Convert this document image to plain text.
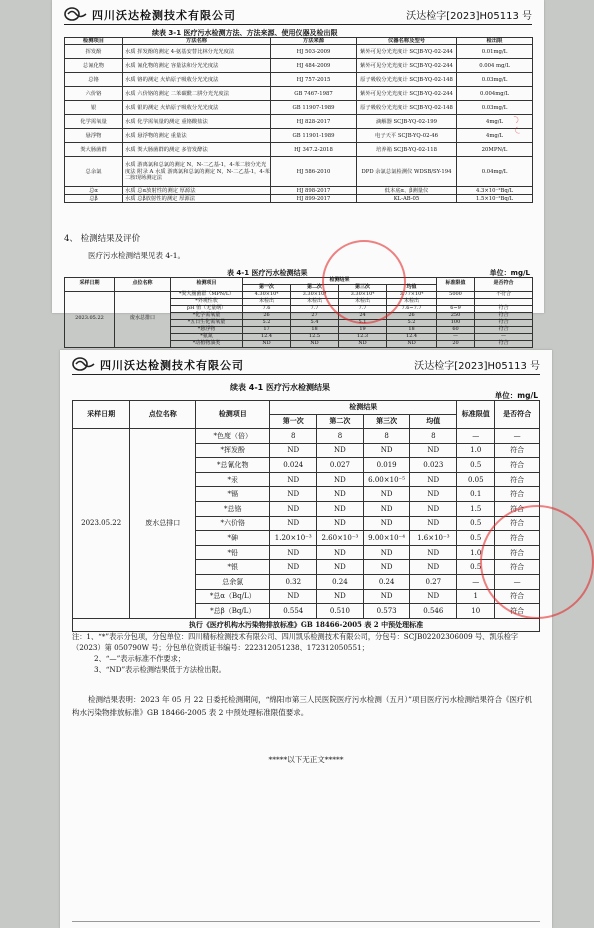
四川沃达检测技术有限公司	沃达检字[2023]H05113 号
续表 3-1 医疗污水检测方法、方法来源、使用仪器及检出限
检测项目	方法名称	方法来源	仪器名称及型号	检出限
挥发酚	水质 挥发酚的测定 4-氨基安替比林分光光度法	HJ 503-2009	紫外可见分光光度计 SCJB-YQ-02-244	0.01mg/L
总氰化物	水质 氰化物的测定 容量法和分光光度法	HJ 484-2009	紫外可见分光光度计 SCJB-YQ-02-244	0.004 mg/L
总铬	水质 铬的测定 火焰原子吸收分光光度法	HJ 757-2015	原子吸收分光光度计 SCJB-YQ-02-148	0.03mg/L
六价铬	水质 六价铬的测定 二苯碳酰二肼分光光度法	GB 7467-1987	紫外可见分光光度计 SCJB-YQ-02-244	0.004mg/L
银	水质 银的测定 火焰原子吸收分光光度法	GB 11907-1989	原子吸收分光光度计 SCJB-YQ-02-148	0.03mg/L
化学需氧量	水质 化学需氧量的测定 重铬酸盐法	HJ 828-2017	滴解器 SCJB-YQ-02-199	4mg/L
悬浮物	水质 悬浮物的测定 重量法	GB 11901-1989	电子天平 SCJB-YQ-02-46	4mg/L
粪大肠菌群	水质 粪大肠菌群的测定 多管发酵法	HJ 347.2-2018	培养箱 SCJB-YQ-02-118	20MPN/L
总余氯	水质 游离氯和总氯的测定 N，N-二乙基-1，4-苯二胺分光光度法 附录 A 水质 游离氯和总氯的测定 N，N-二乙基-1，4-苯二胺现场测定法	HJ 586-2010	DPD 余氯总氯检测仪 WDSB/SY-194	0.04mg/L
总α	水质 总α放射性的测定 厚源法	HJ 898-2017	低本底α、β测量仪	4.3×10⁻²Bq/L
总β	水质 总β放射性的测定 厚源法	HJ 899-2017	KL-AB-05	1.5×10⁻²Bq/L
4、 检测结果及评价
医疗污水检测结果见表 4-1。
表 4-1 医疗污水检测结果	单位：mg/L
采样日期	点位名称	检测项目	检测结果				标准限值	是否符合
			第一次	第二次	第三次	均值		
2023.05.22	废水总排口	*粪大肠菌群（MPN/L）	4.30×10⁴	3.30×10⁴	3.30×10⁴	3.77×10⁴	5000	不符合
		*外观性状	未检出	未检出	未检出	未检出		
		pH 值（无量纲）	7.6	7.7	7.7	7.6~7.7	6~9	符合
		*化学需氧量	26	27	24	26	250	符合
		*五日生化需氧量	5.2	5.4	5.1	5.2	100	符合
		*悬浮物	17	18	19	18	60	符合
		*氨氮	12.4	12.5	12.3	12.4	—	—
		*动植物油类	ND	ND	ND	ND	20	符合
◠ ◡
四川沃达检测技术有限公司	沃达检字[2023]H05113 号
续表 4-1 医疗污水检测结果
单位：mg/L
采样日期	点位名称	检测项目	检测结果				标准限值	是否符合
			第一次	第二次	第三次	均值		
2023.05.22	废水总排口	*色度（倍）	8	8	8	8	—	—
		*挥发酚	ND	ND	ND	ND	1.0	符合
		*总氰化物	0.024	0.027	0.019	0.023	0.5	符合
		*汞	ND	ND	6.00×10⁻⁵	ND	0.05	符合
		*镉	ND	ND	ND	ND	0.1	符合
		*总铬	ND	ND	ND	ND	1.5	符合
		*六价铬	ND	ND	ND	ND	0.5	符合
		*砷	1.20×10⁻³	2.60×10⁻³	9.00×10⁻⁴	1.6×10⁻³	0.5	符合
		*铅	ND	ND	ND	ND	1.0	符合
		*银	ND	ND	ND	ND	0.5	符合
		总余氯	0.32	0.24	0.24	0.27	—	—
		*总α（Bq/L）	ND	ND	ND	ND	1	符合
		*总β（Bq/L）	0.554	0.510	0.573	0.546	10	符合
执行《医疗机构水污染物排放标准》GB 18466-2005 表 2 中预处理标准								
注：1、“*”表示分包项，分包单位：四川精标检测技术有限公司、四川凯乐检测技术有限公司，分包号：SCJB02202306009 号、凯乐检字（2023）第 050790W 号；分包单位资质证书编号：222312051238、172312050551；
2、“—”表示标准不作要求；
3、“ND”表示检测结果低于方法检出限。
检测结果表明：2023 年 05 月 22 日委托检测期间，“绵阳市第三人民医院医疗污水检测（五月）”项目医疗污水检测结果符合《医疗机构水污染物排放标准》GB 18466-2005 表 2 中预处理标准限值要求。
*****以下无正文*****
